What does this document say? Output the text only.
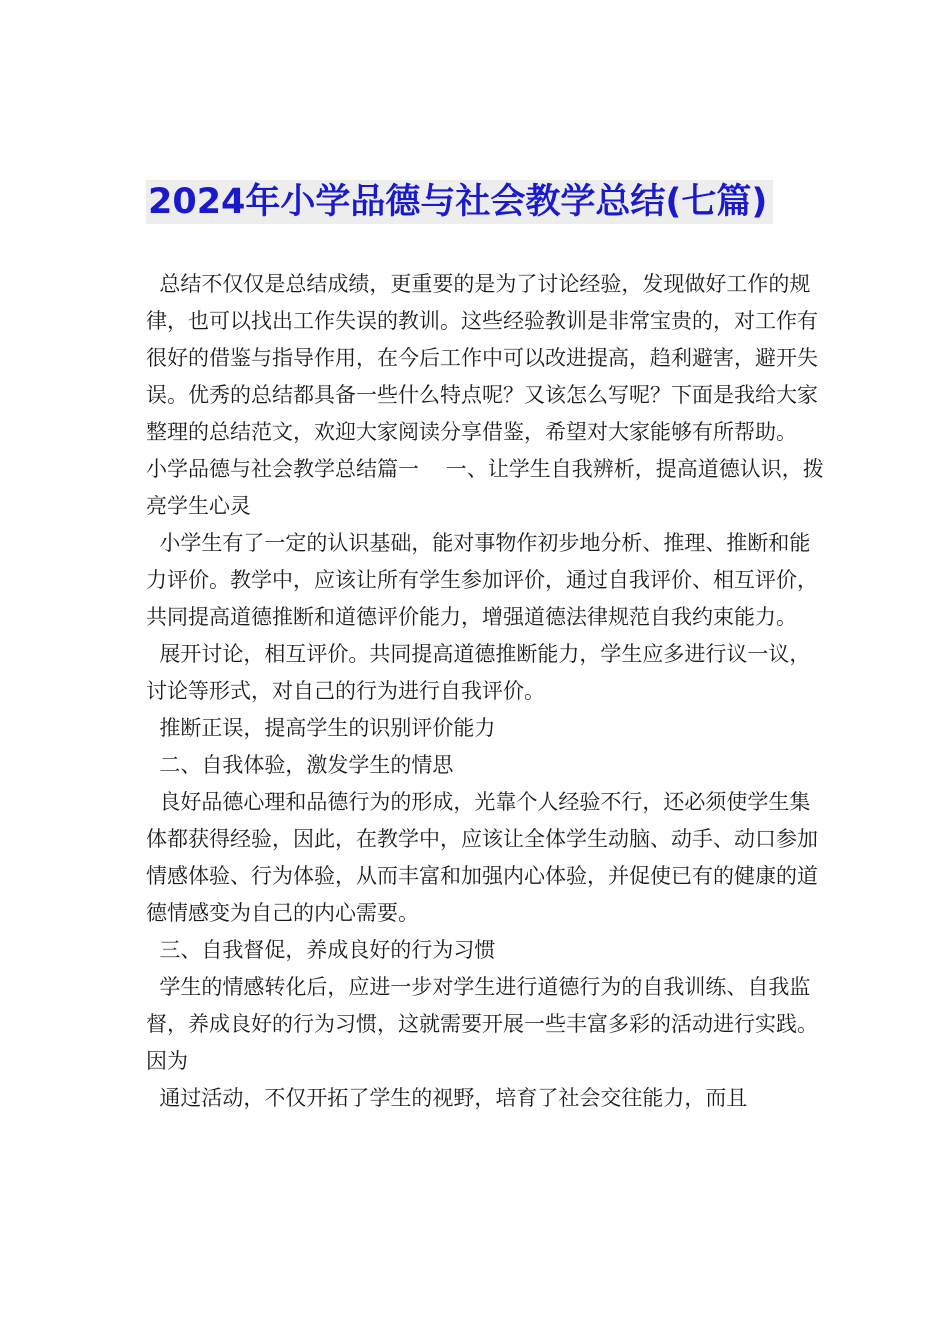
2024年小学品德与社会教学总结(七篇)

总结不仅仅是总结成绩，更重要的是为了讨论经验，发现做好工作的规律，也可以找出工作失误的教训。这些经验教训是非常宝贵的，对工作有很好的借鉴与指导作用，在今后工作中可以改进提高，趋利避害，避开失误。优秀的总结都具备一些什么特点呢？又该怎么写呢？下面是我给大家整理的总结范文，欢迎大家阅读分享借鉴，希望对大家能够有所帮助。

小学品德与社会教学总结篇一    一、让学生自我辨析，提高道德认识，拨亮学生心灵

小学生有了一定的认识基础，能对事物作初步地分析、推理、推断和能力评价。教学中，应该让所有学生参加评价，通过自我评价、相互评价，共同提高道德推断和道德评价能力，增强道德法律规范自我约束能力。

展开讨论，相互评价。共同提高道德推断能力，学生应多进行议一议，讨论等形式，对自己的行为进行自我评价。

推断正误，提高学生的识别评价能力

二、自我体验，激发学生的情思

良好品德心理和品德行为的形成，光靠个人经验不行，还必须使学生集体都获得经验，因此，在教学中，应该让全体学生动脑、动手、动口参加情感体验、行为体验，从而丰富和加强内心体验，并促使已有的健康的道德情感变为自己的内心需要。

三、自我督促，养成良好的行为习惯

学生的情感转化后，应进一步对学生进行道德行为的自我训练、自我监督，养成良好的行为习惯，这就需要开展一些丰富多彩的活动进行实践。因为

通过活动，不仅开拓了学生的视野，培育了社会交往能力，而且
